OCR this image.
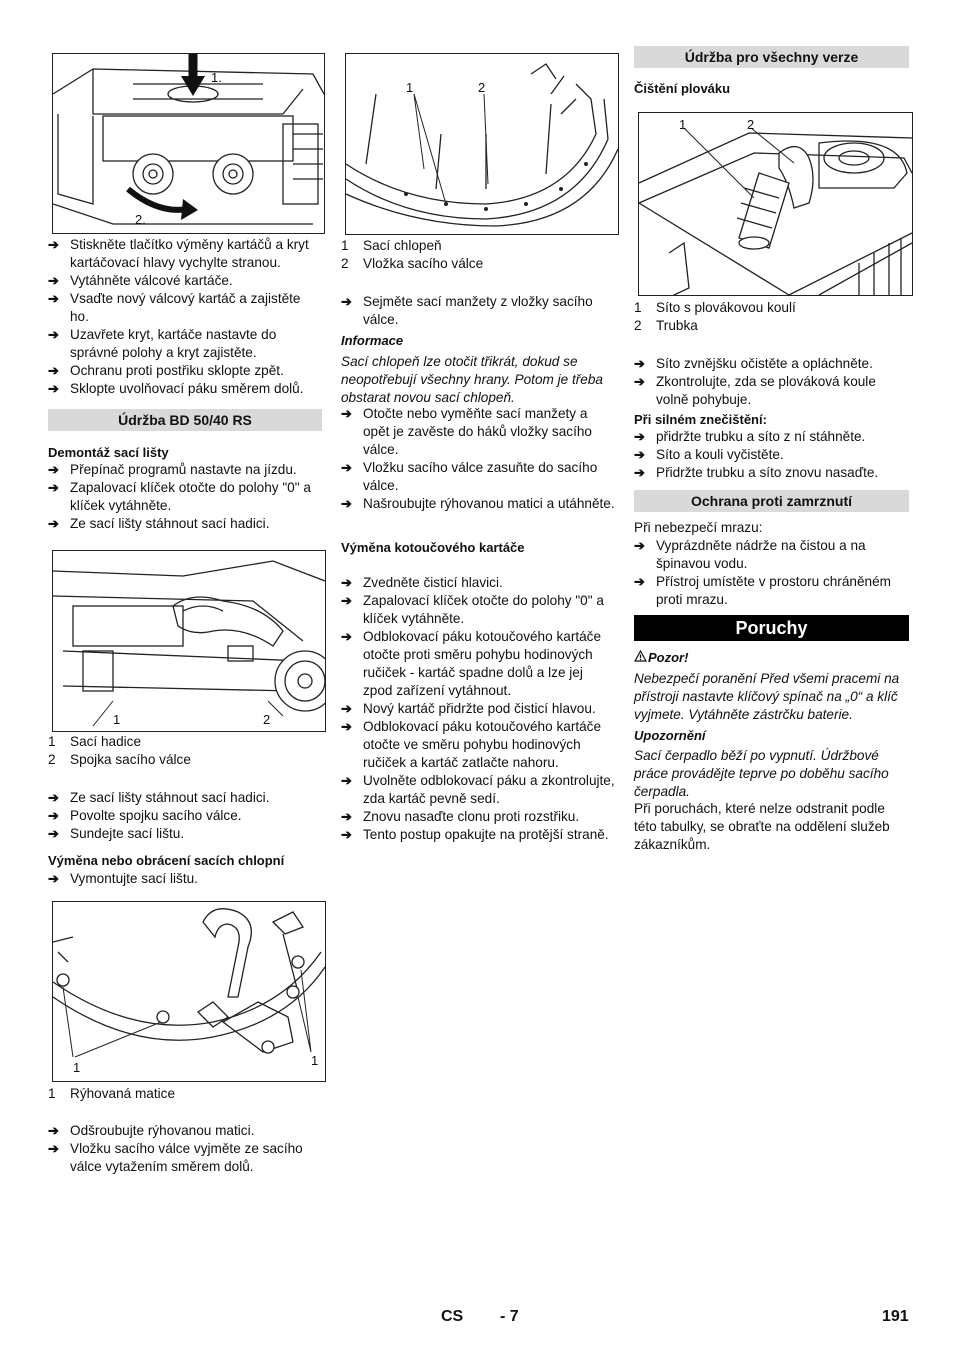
1.
2.
➔ Stiskněte tlačítko výměny kartáčů a kryt kartáčovací hlavy vychylte stranou.
➔ Vytáhněte válcové kartáče.
➔ Vsaďte nový válcový kartáč a zajistěte ho.
➔ Uzavřete kryt, kartáče nastavte do správné polohy a kryt zajistěte.
➔ Ochranu proti postřiku sklopte zpět.
➔ Sklopte uvolňovací páku směrem dolů.
Údržba BD 50/40 RS
Demontáž sací lišty
➔ Přepínač programů nastavte na jízdu.
➔ Zapalovací klíček otočte do polohy "0" a klíček vytáhněte.
➔ Ze sací lišty stáhnout sací hadici.
1	2
1 Sací hadice
2 Spojka sacího válce
➔ Ze sací lišty stáhnout sací hadici.
➔ Povolte spojku sacího válce.
➔ Sundejte sací lištu.
Výměna nebo obrácení sacích chlopní
➔ Vymontujte sací lištu.
1	1
1 Rýhovaná matice
➔ Odšroubujte rýhovanou matici.
➔ Vložku sacího válce vyjměte ze sacího válce vytažením směrem dolů.
1	2
1 Sací chlopeň
2 Vložka sacího válce
➔ Sejměte sací manžety z vložky sacího válce.
Informace
Sací chlopeň lze otočit třikrát, dokud se neopotřebují všechny hrany. Potom je třeba obstarat novou sací chlopeň.
➔ Otočte nebo vyměňte sací manžety a opět je zavěste do háků vložky sacího válce.
➔ Vložku sacího válce zasuňte do sacího válce.
➔ Našroubujte rýhovanou matici a utáhněte.
Výměna kotoučového kartáče
➔ Zvedněte čisticí hlavici.
➔ Zapalovací klíček otočte do polohy "0" a klíček vytáhněte.
➔ Odblokovací páku kotoučového kartáče otočte proti směru pohybu hodinových ručiček - kartáč spadne dolů a lze jej zpod zařízení vytáhnout.
➔ Nový kartáč přidržte pod čisticí hlavou.
➔ Odblokovací páku kotoučového kartáče otočte ve směru pohybu hodinových ručiček a kartáč zatlačte nahoru.
➔ Uvolněte odblokovací páku a zkontrolujte, zda kartáč pevně sedí.
➔ Znovu nasaďte clonu proti rozstřiku.
➔ Tento postup opakujte na protější straně.
Údržba pro všechny verze
Čištění plováku
1	2
1 Síto s plovákovou koulí
2 Trubka
➔ Síto zvnějšku očistěte a opláchněte.
➔ Zkontrolujte, zda se plováková koule volně pohybuje.
Při silném znečištění:
➔ přidržte trubku a síto z ní stáhněte.
➔ Síto a kouli vyčistěte.
➔ Přidržte trubku a síto znovu nasaďte.
Ochrana proti zamrznutí
Při nebezpečí mrazu:
➔ Vyprázdněte nádrže na čistou a na špinavou vodu.
➔ Přístroj umístěte v prostoru chráněném proti mrazu.
Poruchy
Pozor!
Nebezpečí poranění Před všemi pracemi na přístroji nastavte klíčový spínač na „0“ a klíč vyjmete. Vytáhněte zástrčku baterie.
Upozornění
Sací čerpadlo běží po vypnutí. Údržbové práce provádějte teprve po doběhu sacího čerpadla.
Při poruchách, které nelze odstranit podle této tabulky, se obraťte na oddělení služeb zákazníkům.
CS - 7	191
